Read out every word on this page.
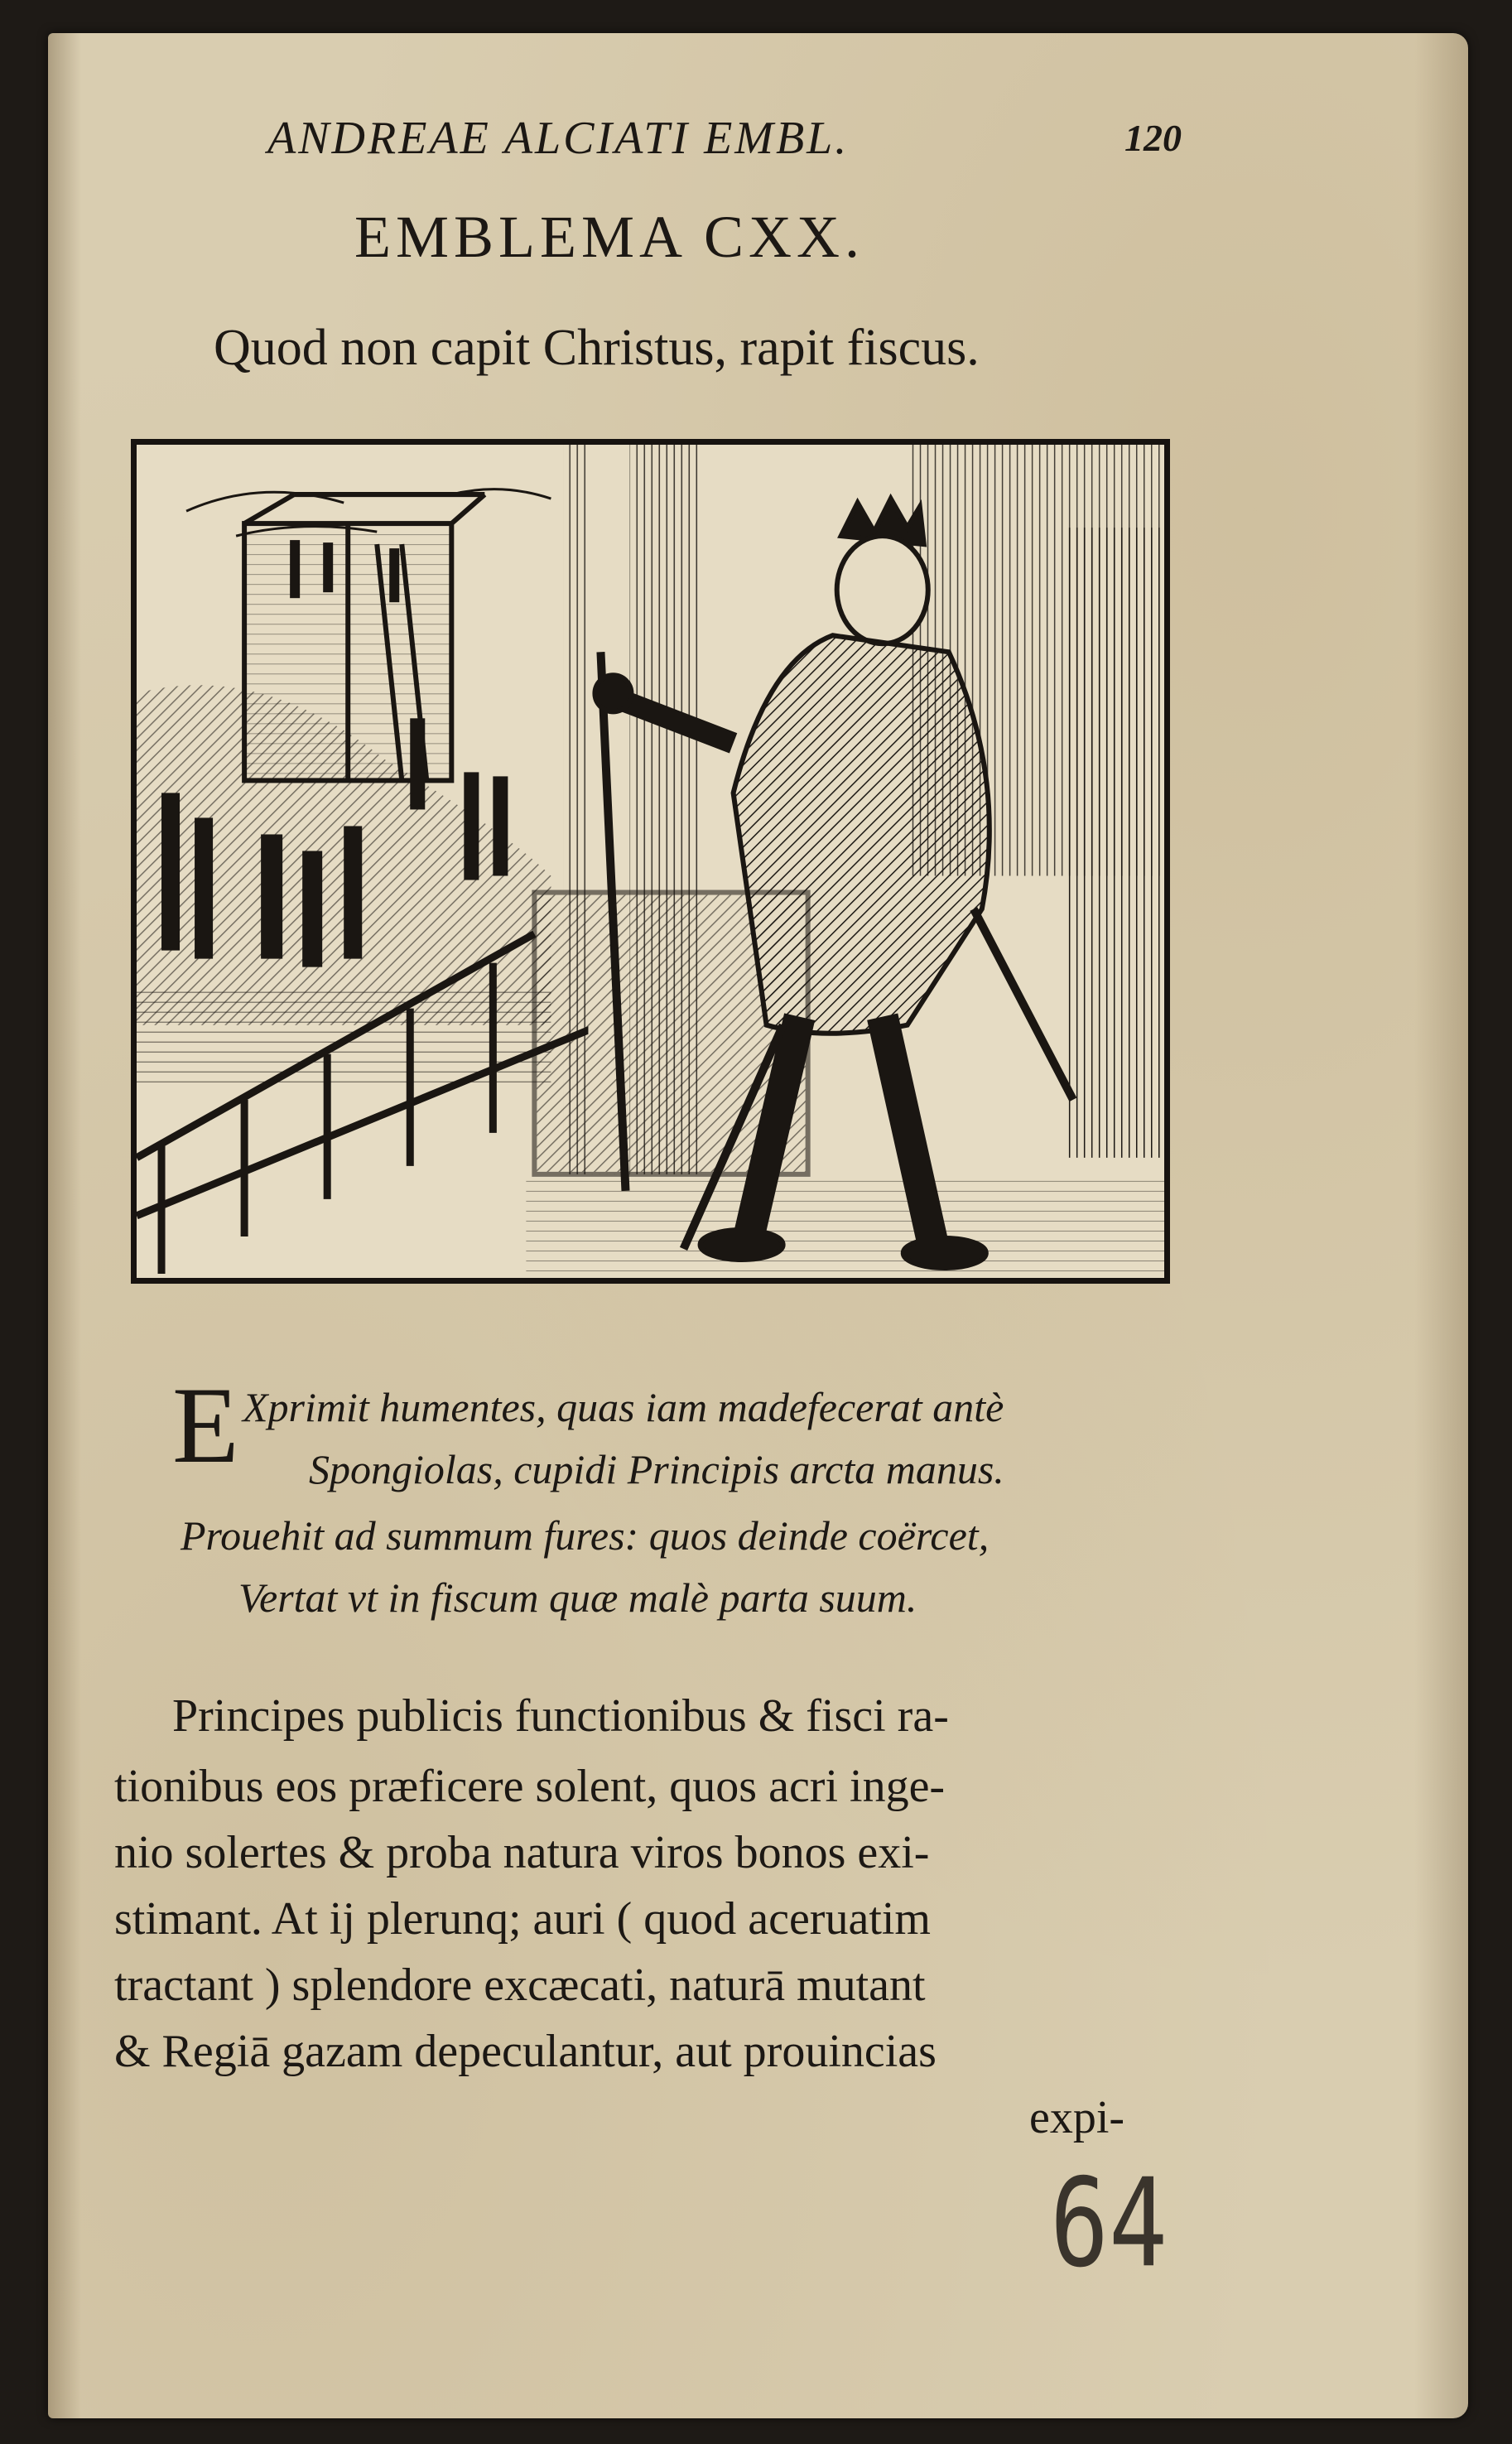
ANDREAE ALCIATI EMBL.	120
EMBLEMA CXX.
Quod non capit Christus, rapit fiscus.
E Xprimit humentes, quas iam madefecerat antè
Spongiolas, cupidi Principis arcta manus.
Prouehit ad summum fures: quos deinde coërcet,
Vertat vt in fiscum quæ malè parta suum.
Principes publicis functionibus & fisci ra-
tionibus eos præficere solent, quos acri inge-
nio solertes & proba natura viros bonos exi-
stimant. At ij plerunq; auri ( quod aceruatim
tractant ) splendore excæcati, naturā mutant
& Regiā gazam depeculantur, aut prouincias
expi-
64
